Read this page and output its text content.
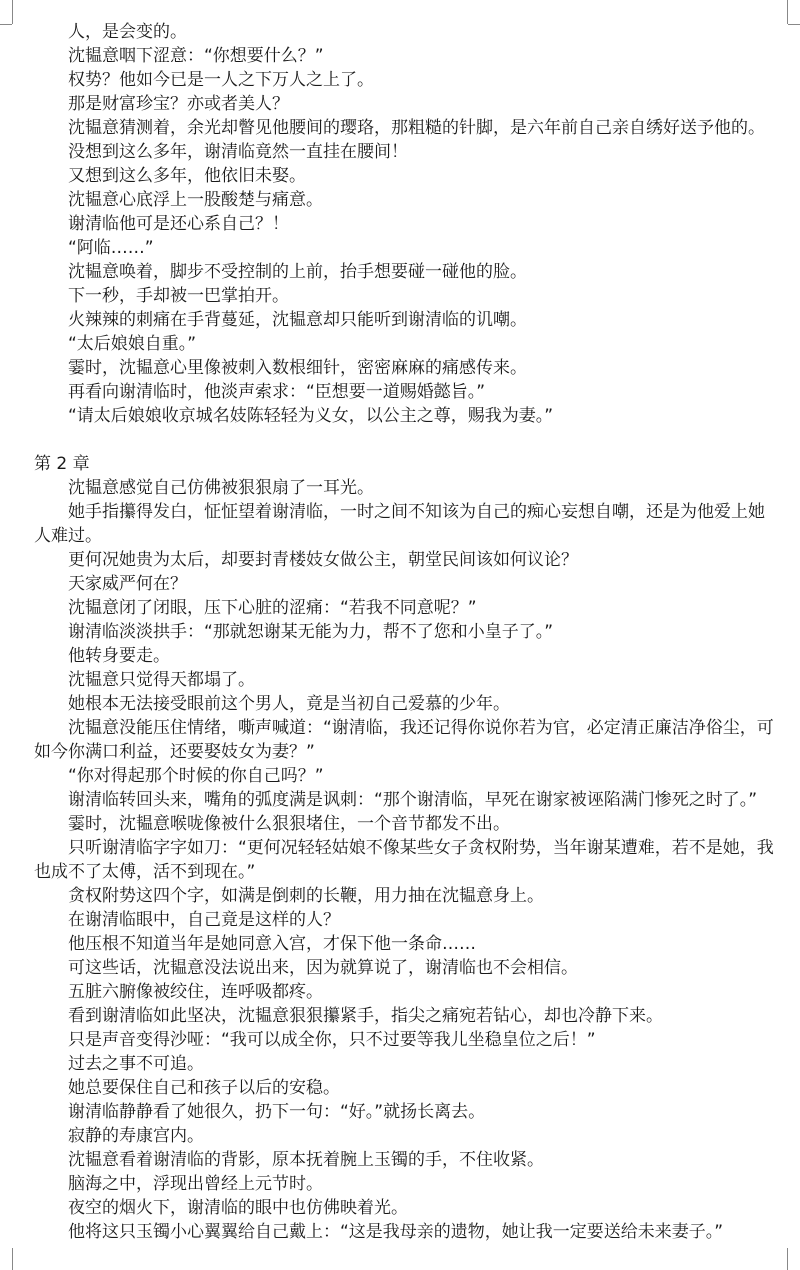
人，是会变的。

沈韫意咽下涩意：“你想要什么？”

权势？他如今已是一人之下万人之上了。

那是财富珍宝？亦或者美人？

沈韫意猜测着，余光却瞥见他腰间的璎珞，那粗糙的针脚，是六年前自己亲自绣好送予他的。

没想到这么多年，谢清临竟然一直挂在腰间！

又想到这么多年，他依旧未娶。

沈韫意心底浮上一股酸楚与痛意。

谢清临他可是还心系自己？！

“阿临……”

沈韫意唤着，脚步不受控制的上前，抬手想要碰一碰他的脸。

下一秒，手却被一巴掌拍开。

火辣辣的刺痛在手背蔓延，沈韫意却只能听到谢清临的讥嘲。

“太后娘娘自重。”

霎时，沈韫意心里像被刺入数根细针，密密麻麻的痛感传来。

再看向谢清临时，他淡声索求：“臣想要一道赐婚懿旨。”

“请太后娘娘收京城名妓陈轻轻为义女，以公主之尊，赐我为妻。”

第 2 章

沈韫意感觉自己仿佛被狠狠扇了一耳光。

她手指攥得发白，怔怔望着谢清临，一时之间不知该为自己的痴心妄想自嘲，还是为他爱上她人难过。

更何况她贵为太后，却要封青楼妓女做公主，朝堂民间该如何议论？

天家威严何在？

沈韫意闭了闭眼，压下心脏的涩痛：“若我不同意呢？”

谢清临淡淡拱手：“那就恕谢某无能为力，帮不了您和小皇子了。”

他转身要走。

沈韫意只觉得天都塌了。

她根本无法接受眼前这个男人，竟是当初自己爱慕的少年。

沈韫意没能压住情绪，嘶声喊道：“谢清临，我还记得你说你若为官，必定清正廉洁净俗尘，可如今你满口利益，还要娶妓女为妻？”

“你对得起那个时候的你自己吗？”

谢清临转回头来，嘴角的弧度满是讽刺：“那个谢清临，早死在谢家被诬陷满门惨死之时了。”

霎时，沈韫意喉咙像被什么狠狠堵住，一个音节都发不出。

只听谢清临字字如刀：“更何况轻轻姑娘不像某些女子贪权附势，当年谢某遭难，若不是她，我也成不了太傅，活不到现在。”

贪权附势这四个字，如满是倒刺的长鞭，用力抽在沈韫意身上。

在谢清临眼中，自己竟是这样的人？

他压根不知道当年是她同意入宫，才保下他一条命……

可这些话，沈韫意没法说出来，因为就算说了，谢清临也不会相信。

五脏六腑像被绞住，连呼吸都疼。

看到谢清临如此坚决，沈韫意狠狠攥紧手，指尖之痛宛若钻心，却也冷静下来。

只是声音变得沙哑：“我可以成全你，只不过要等我儿坐稳皇位之后！”

过去之事不可追。

她总要保住自己和孩子以后的安稳。

谢清临静静看了她很久，扔下一句：“好。”就扬长离去。

寂静的寿康宫内。

沈韫意看着谢清临的背影，原本抚着腕上玉镯的手，不住收紧。

脑海之中，浮现出曾经上元节时。

夜空的烟火下，谢清临的眼中也仿佛映着光。

他将这只玉镯小心翼翼给自己戴上：“这是我母亲的遗物，她让我一定要送给未来妻子。”
